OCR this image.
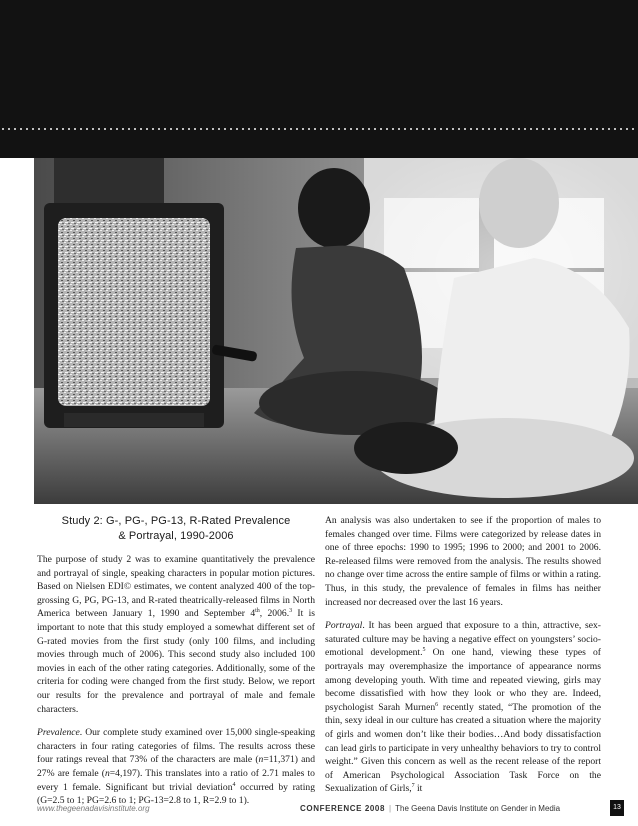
Study 2: G-, PG-, PG-13, R-Rated Prevalence
& Portrayal, 1990-2006

The purpose of study 2 was to examine quantitatively the prevalence and portrayal of single, speaking characters in popular motion pictures. Based on Nielsen EDI© estimates, we content analyzed 400 of the top-grossing G, PG, PG-13, and R-rated theatrically-released films in North America between January 1, 1990 and September 4th, 2006.$^3$ It is important to note that this study employed a somewhat different set of G-rated movies from the first study (only 100 films, and including movies through much of 2006). This second study also included 100 movies in each of the other rating categories. Additionally, some of the criteria for coding were changed from the first study. Below, we report our results for the prevalence and portrayal of male and female characters.

Prevalence. Our complete study examined over 15,000 single-speaking characters in four rating categories of films. The results across these four ratings reveal that 73% of the characters are male (n=11,371) and 27% are female (n=4,197). This translates into a ratio of 2.71 males to every 1 female. Significant but trivial deviation$^4$ occurred by rating (G=2.5 to 1; PG=2.6 to 1; PG-13=2.8 to 1, R=2.9 to 1).

An analysis was also undertaken to see if the proportion of males to females changed over time. Films were categorized by release dates in one of three epochs: 1990 to 1995; 1996 to 2000; and 2001 to 2006. Re-released films were removed from the analysis. The results showed no change over time across the entire sample of films or within a rating. Thus, in this study, the prevalence of females in films has neither increased nor decreased over the last 16 years.

Portrayal. It has been argued that exposure to a thin, attractive, sex-saturated culture may be having a negative effect on youngsters’ socio-emotional development.$^5$ On one hand, viewing these types of portrayals may overemphasize the importance of appearance norms among developing youth. With time and repeated viewing, girls may become dissatisfied with how they look or who they are. Indeed, psychologist Sarah Murnen$^6$ recently stated, “The promotion of the thin, sexy ideal in our culture has created a situation where the majority of girls and women don’t like their bodies…And body dissatisfaction can lead girls to participate in very unhealthy behaviors to try to control weight.” Given this concern as well as the recent release of the report of American Psychological Association Task Force on the Sexualization of Girls,$^7$ it

www.thegeenadavisinstitute.org	CONFERENCE 2008 | The Geena Davis Institute on Gender in Media	13
